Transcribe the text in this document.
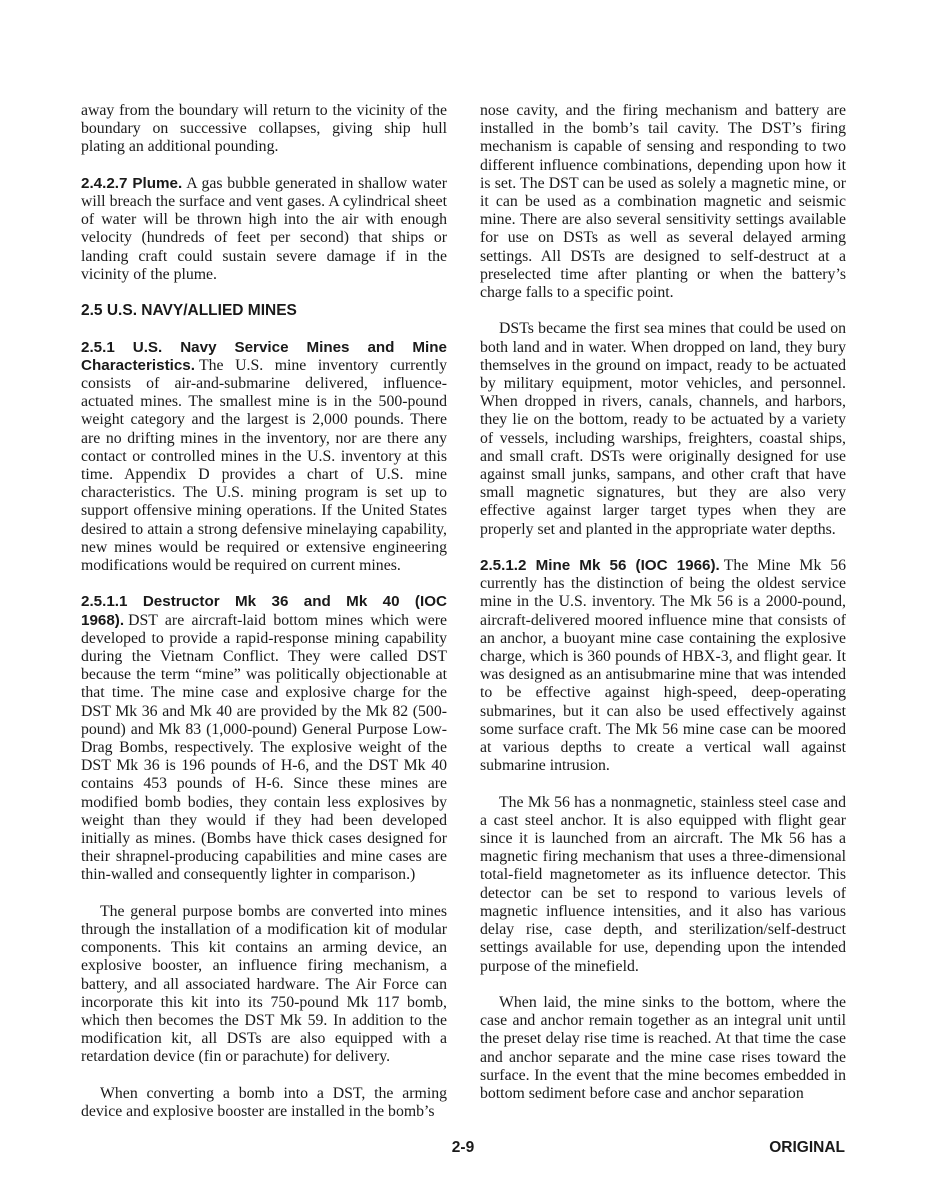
away from the boundary will return to the vicinity of the boundary on successive collapses, giving ship hull plating an additional pounding.

2.4.2.7 Plume. A gas bubble generated in shallow water will breach the surface and vent gases. A cylindrical sheet of water will be thrown high into the air with enough velocity (hundreds of feet per second) that ships or landing craft could sustain severe damage if in the vicinity of the plume.

2.5 U.S. NAVY/ALLIED MINES

2.5.1 U.S. Navy Service Mines and Mine Characteristics. The U.S. mine inventory currently consists of air-and-submarine delivered, influence-actuated mines. The smallest mine is in the 500-pound weight category and the largest is 2,000 pounds. There are no drifting mines in the inventory, nor are there any contact or controlled mines in the U.S. inventory at this time. Appendix D provides a chart of U.S. mine characteristics. The U.S. mining program is set up to support offensive mining operations. If the United States desired to attain a strong defensive minelaying capability, new mines would be required or extensive engineering modifications would be required on current mines.

2.5.1.1 Destructor Mk 36 and Mk 40 (IOC 1968). DST are aircraft-laid bottom mines which were developed to provide a rapid-response mining capability during the Vietnam Conflict. They were called DST because the term “mine” was politically objectionable at that time. The mine case and explosive charge for the DST Mk 36 and Mk 40 are provided by the Mk 82 (500-pound) and Mk 83 (1,000-pound) General Purpose Low-Drag Bombs, respectively. The explosive weight of the DST Mk 36 is 196 pounds of H-6, and the DST Mk 40 contains 453 pounds of H-6. Since these mines are modified bomb bodies, they contain less explosives by weight than they would if they had been developed initially as mines. (Bombs have thick cases designed for their shrapnel-producing capabilities and mine cases are thin-walled and consequently lighter in comparison.)

The general purpose bombs are converted into mines through the installation of a modification kit of modular components. This kit contains an arming device, an explosive booster, an influence firing mechanism, a battery, and all associated hardware. The Air Force can incorporate this kit into its 750-pound Mk 117 bomb, which then becomes the DST Mk 59. In addition to the modification kit, all DSTs are also equipped with a retardation device (fin or parachute) for delivery.

When converting a bomb into a DST, the arming device and explosive booster are installed in the bomb’s

nose cavity, and the firing mechanism and battery are installed in the bomb’s tail cavity. The DST’s firing mechanism is capable of sensing and responding to two different influence combinations, depending upon how it is set. The DST can be used as solely a magnetic mine, or it can be used as a combination magnetic and seismic mine. There are also several sensitivity settings available for use on DSTs as well as several delayed arming settings. All DSTs are designed to self-destruct at a preselected time after planting or when the battery’s charge falls to a specific point.

DSTs became the first sea mines that could be used on both land and in water. When dropped on land, they bury themselves in the ground on impact, ready to be actuated by military equipment, motor vehicles, and personnel. When dropped in rivers, canals, channels, and harbors, they lie on the bottom, ready to be actuated by a variety of vessels, including warships, freighters, coastal ships, and small craft. DSTs were originally designed for use against small junks, sampans, and other craft that have small magnetic signatures, but they are also very effective against larger target types when they are properly set and planted in the appropriate water depths.

2.5.1.2 Mine Mk 56 (IOC 1966). The Mine Mk 56 currently has the distinction of being the oldest service mine in the U.S. inventory. The Mk 56 is a 2000-pound, aircraft-delivered moored influence mine that consists of an anchor, a buoyant mine case containing the explosive charge, which is 360 pounds of HBX-3, and flight gear. It was designed as an antisubmarine mine that was intended to be effective against high-speed, deep-operating submarines, but it can also be used effectively against some surface craft. The Mk 56 mine case can be moored at various depths to create a vertical wall against submarine intrusion.

The Mk 56 has a nonmagnetic, stainless steel case and a cast steel anchor. It is also equipped with flight gear since it is launched from an aircraft. The Mk 56 has a magnetic firing mechanism that uses a three-dimensional total-field magnetometer as its influence detector. This detector can be set to respond to various levels of magnetic influence intensities, and it also has various delay rise, case depth, and sterilization/self-destruct settings available for use, depending upon the intended purpose of the minefield.

When laid, the mine sinks to the bottom, where the case and anchor remain together as an integral unit until the preset delay rise time is reached. At that time the case and anchor separate and the mine case rises toward the surface. In the event that the mine becomes embedded in bottom sediment before case and anchor separation

2-9	ORIGINAL
